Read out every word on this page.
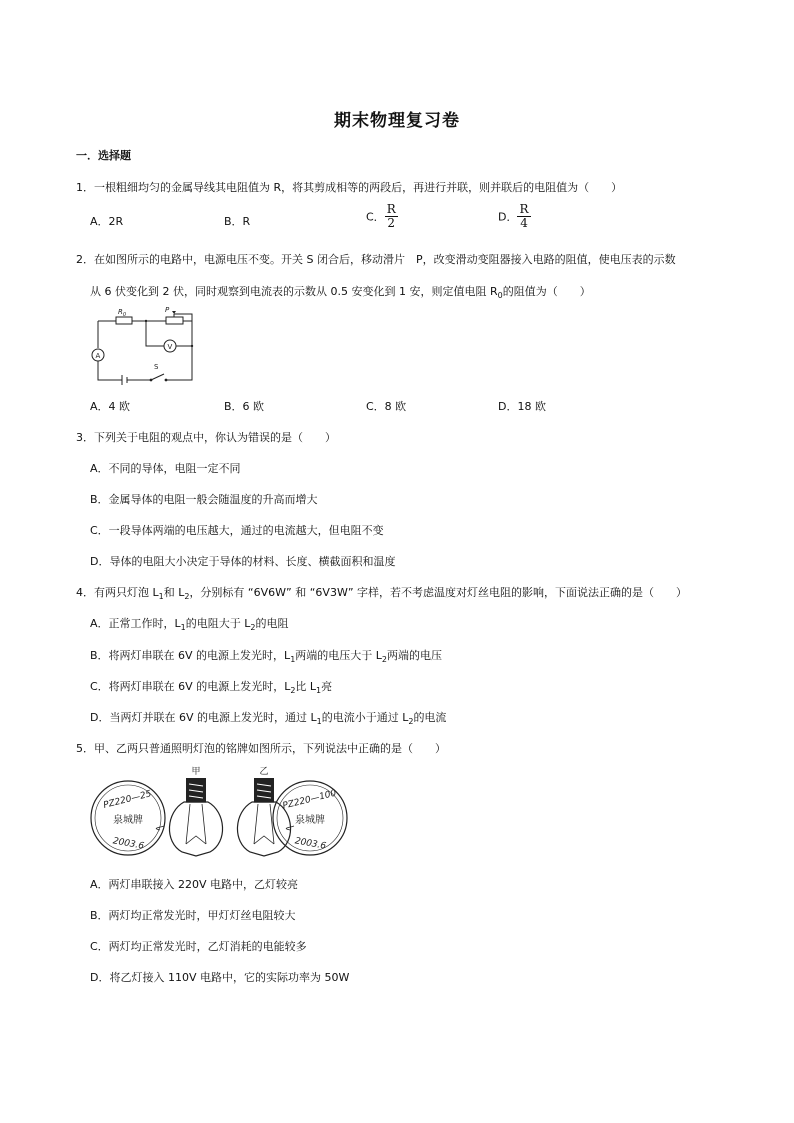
期末物理复习卷
一．选择题
1．一根粗细均匀的金属导线其电阻值为 R，将其剪成相等的两段后，再进行并联，则并联后的电阻值为（　　）
A．2R	B．R	C． $\frac{R}{2}$	D． $\frac{R}{4}$
2．在如图所示的电路中，电源电压不变。开关 S 闭合后，移动滑片　P，改变滑动变阻器接入电路的阻值，使电压表的示数
从 6 伏变化到 2 伏，同时观察到电流表的示数从 0.5 安变化到 1 安，则定值电阻 $R_0$的阻值为（　　）
$R_0$
P
A
V
S
A．4 欧	B．6 欧	C．8 欧	D．18 欧
3．下列关于电阻的观点中，你认为错误的是（　　）
A．不同的导体，电阻一定不同
B．金属导体的电阻一般会随温度的升高而增大
C．一段导体两端的电压越大，通过的电流越大，但电阻不变
D．导体的电阻大小决定于导体的材料、长度、横截面积和温度
4．有两只灯泡 $L_1$和 $L_2$，分别标有 “6V6W” 和 “6V3W” 字样，若不考虑温度对灯丝电阻的影响，下面说法正确的是（　　）
A．正常工作时，$L_1$的电阻大于 $L_2$的电阻
B．将两灯串联在 6V 的电源上发光时，$L_1$两端的电压大于 $L_2$两端的电压
C．将两灯串联在 6V 的电源上发光时，$L_2$比 $L_1$亮
D．当两灯并联在 6V 的电源上发光时，通过 $L_1$的电流小于通过 $L_2$的电流
5．甲、乙两只普通照明灯泡的铭牌如图所示，下列说法中正确的是（　　）
甲	乙
PZ220—25
泉城牌
2003.6
PZ220—100
泉城牌
2003.6
A．两灯串联接入 220V 电路中，乙灯较亮
B．两灯均正常发光时，甲灯灯丝电阻较大
C．两灯均正常发光时，乙灯消耗的电能较多
D．将乙灯接入 110V 电路中，它的实际功率为 50W
